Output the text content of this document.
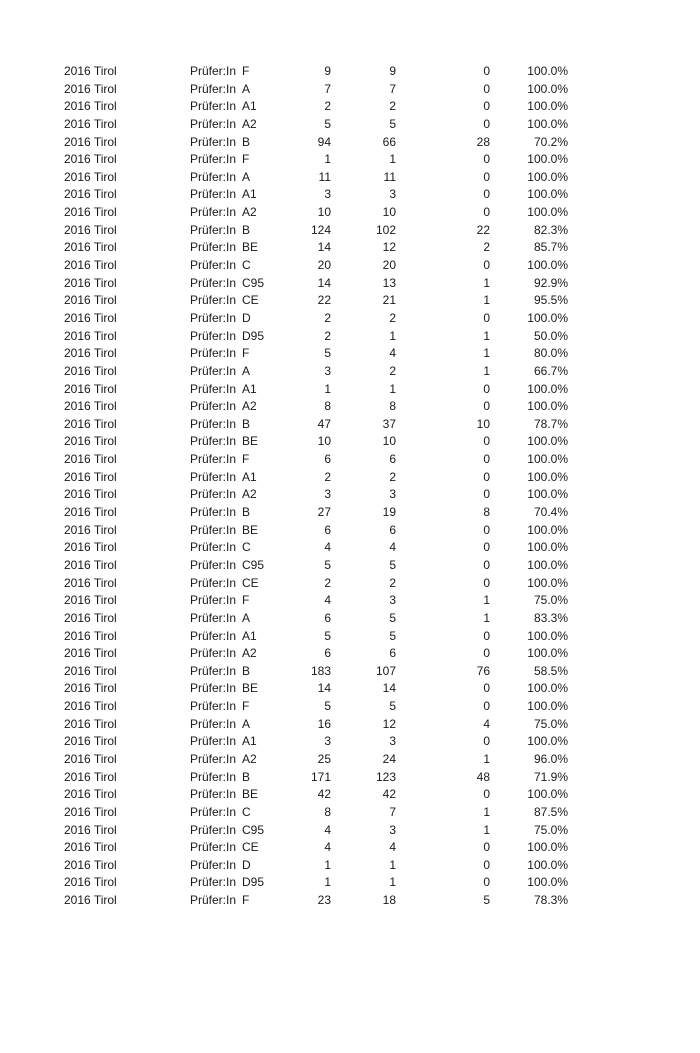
2016 Tirol	Prüfer:In	F	9	9	0	100.0%
2016 Tirol	Prüfer:In	A	7	7	0	100.0%
2016 Tirol	Prüfer:In	A1	2	2	0	100.0%
2016 Tirol	Prüfer:In	A2	5	5	0	100.0%
2016 Tirol	Prüfer:In	B	94	66	28	70.2%
2016 Tirol	Prüfer:In	F	1	1	0	100.0%
2016 Tirol	Prüfer:In	A	11	11	0	100.0%
2016 Tirol	Prüfer:In	A1	3	3	0	100.0%
2016 Tirol	Prüfer:In	A2	10	10	0	100.0%
2016 Tirol	Prüfer:In	B	124	102	22	82.3%
2016 Tirol	Prüfer:In	BE	14	12	2	85.7%
2016 Tirol	Prüfer:In	C	20	20	0	100.0%
2016 Tirol	Prüfer:In	C95	14	13	1	92.9%
2016 Tirol	Prüfer:In	CE	22	21	1	95.5%
2016 Tirol	Prüfer:In	D	2	2	0	100.0%
2016 Tirol	Prüfer:In	D95	2	1	1	50.0%
2016 Tirol	Prüfer:In	F	5	4	1	80.0%
2016 Tirol	Prüfer:In	A	3	2	1	66.7%
2016 Tirol	Prüfer:In	A1	1	1	0	100.0%
2016 Tirol	Prüfer:In	A2	8	8	0	100.0%
2016 Tirol	Prüfer:In	B	47	37	10	78.7%
2016 Tirol	Prüfer:In	BE	10	10	0	100.0%
2016 Tirol	Prüfer:In	F	6	6	0	100.0%
2016 Tirol	Prüfer:In	A1	2	2	0	100.0%
2016 Tirol	Prüfer:In	A2	3	3	0	100.0%
2016 Tirol	Prüfer:In	B	27	19	8	70.4%
2016 Tirol	Prüfer:In	BE	6	6	0	100.0%
2016 Tirol	Prüfer:In	C	4	4	0	100.0%
2016 Tirol	Prüfer:In	C95	5	5	0	100.0%
2016 Tirol	Prüfer:In	CE	2	2	0	100.0%
2016 Tirol	Prüfer:In	F	4	3	1	75.0%
2016 Tirol	Prüfer:In	A	6	5	1	83.3%
2016 Tirol	Prüfer:In	A1	5	5	0	100.0%
2016 Tirol	Prüfer:In	A2	6	6	0	100.0%
2016 Tirol	Prüfer:In	B	183	107	76	58.5%
2016 Tirol	Prüfer:In	BE	14	14	0	100.0%
2016 Tirol	Prüfer:In	F	5	5	0	100.0%
2016 Tirol	Prüfer:In	A	16	12	4	75.0%
2016 Tirol	Prüfer:In	A1	3	3	0	100.0%
2016 Tirol	Prüfer:In	A2	25	24	1	96.0%
2016 Tirol	Prüfer:In	B	171	123	48	71.9%
2016 Tirol	Prüfer:In	BE	42	42	0	100.0%
2016 Tirol	Prüfer:In	C	8	7	1	87.5%
2016 Tirol	Prüfer:In	C95	4	3	1	75.0%
2016 Tirol	Prüfer:In	CE	4	4	0	100.0%
2016 Tirol	Prüfer:In	D	1	1	0	100.0%
2016 Tirol	Prüfer:In	D95	1	1	0	100.0%
2016 Tirol	Prüfer:In	F	23	18	5	78.3%
